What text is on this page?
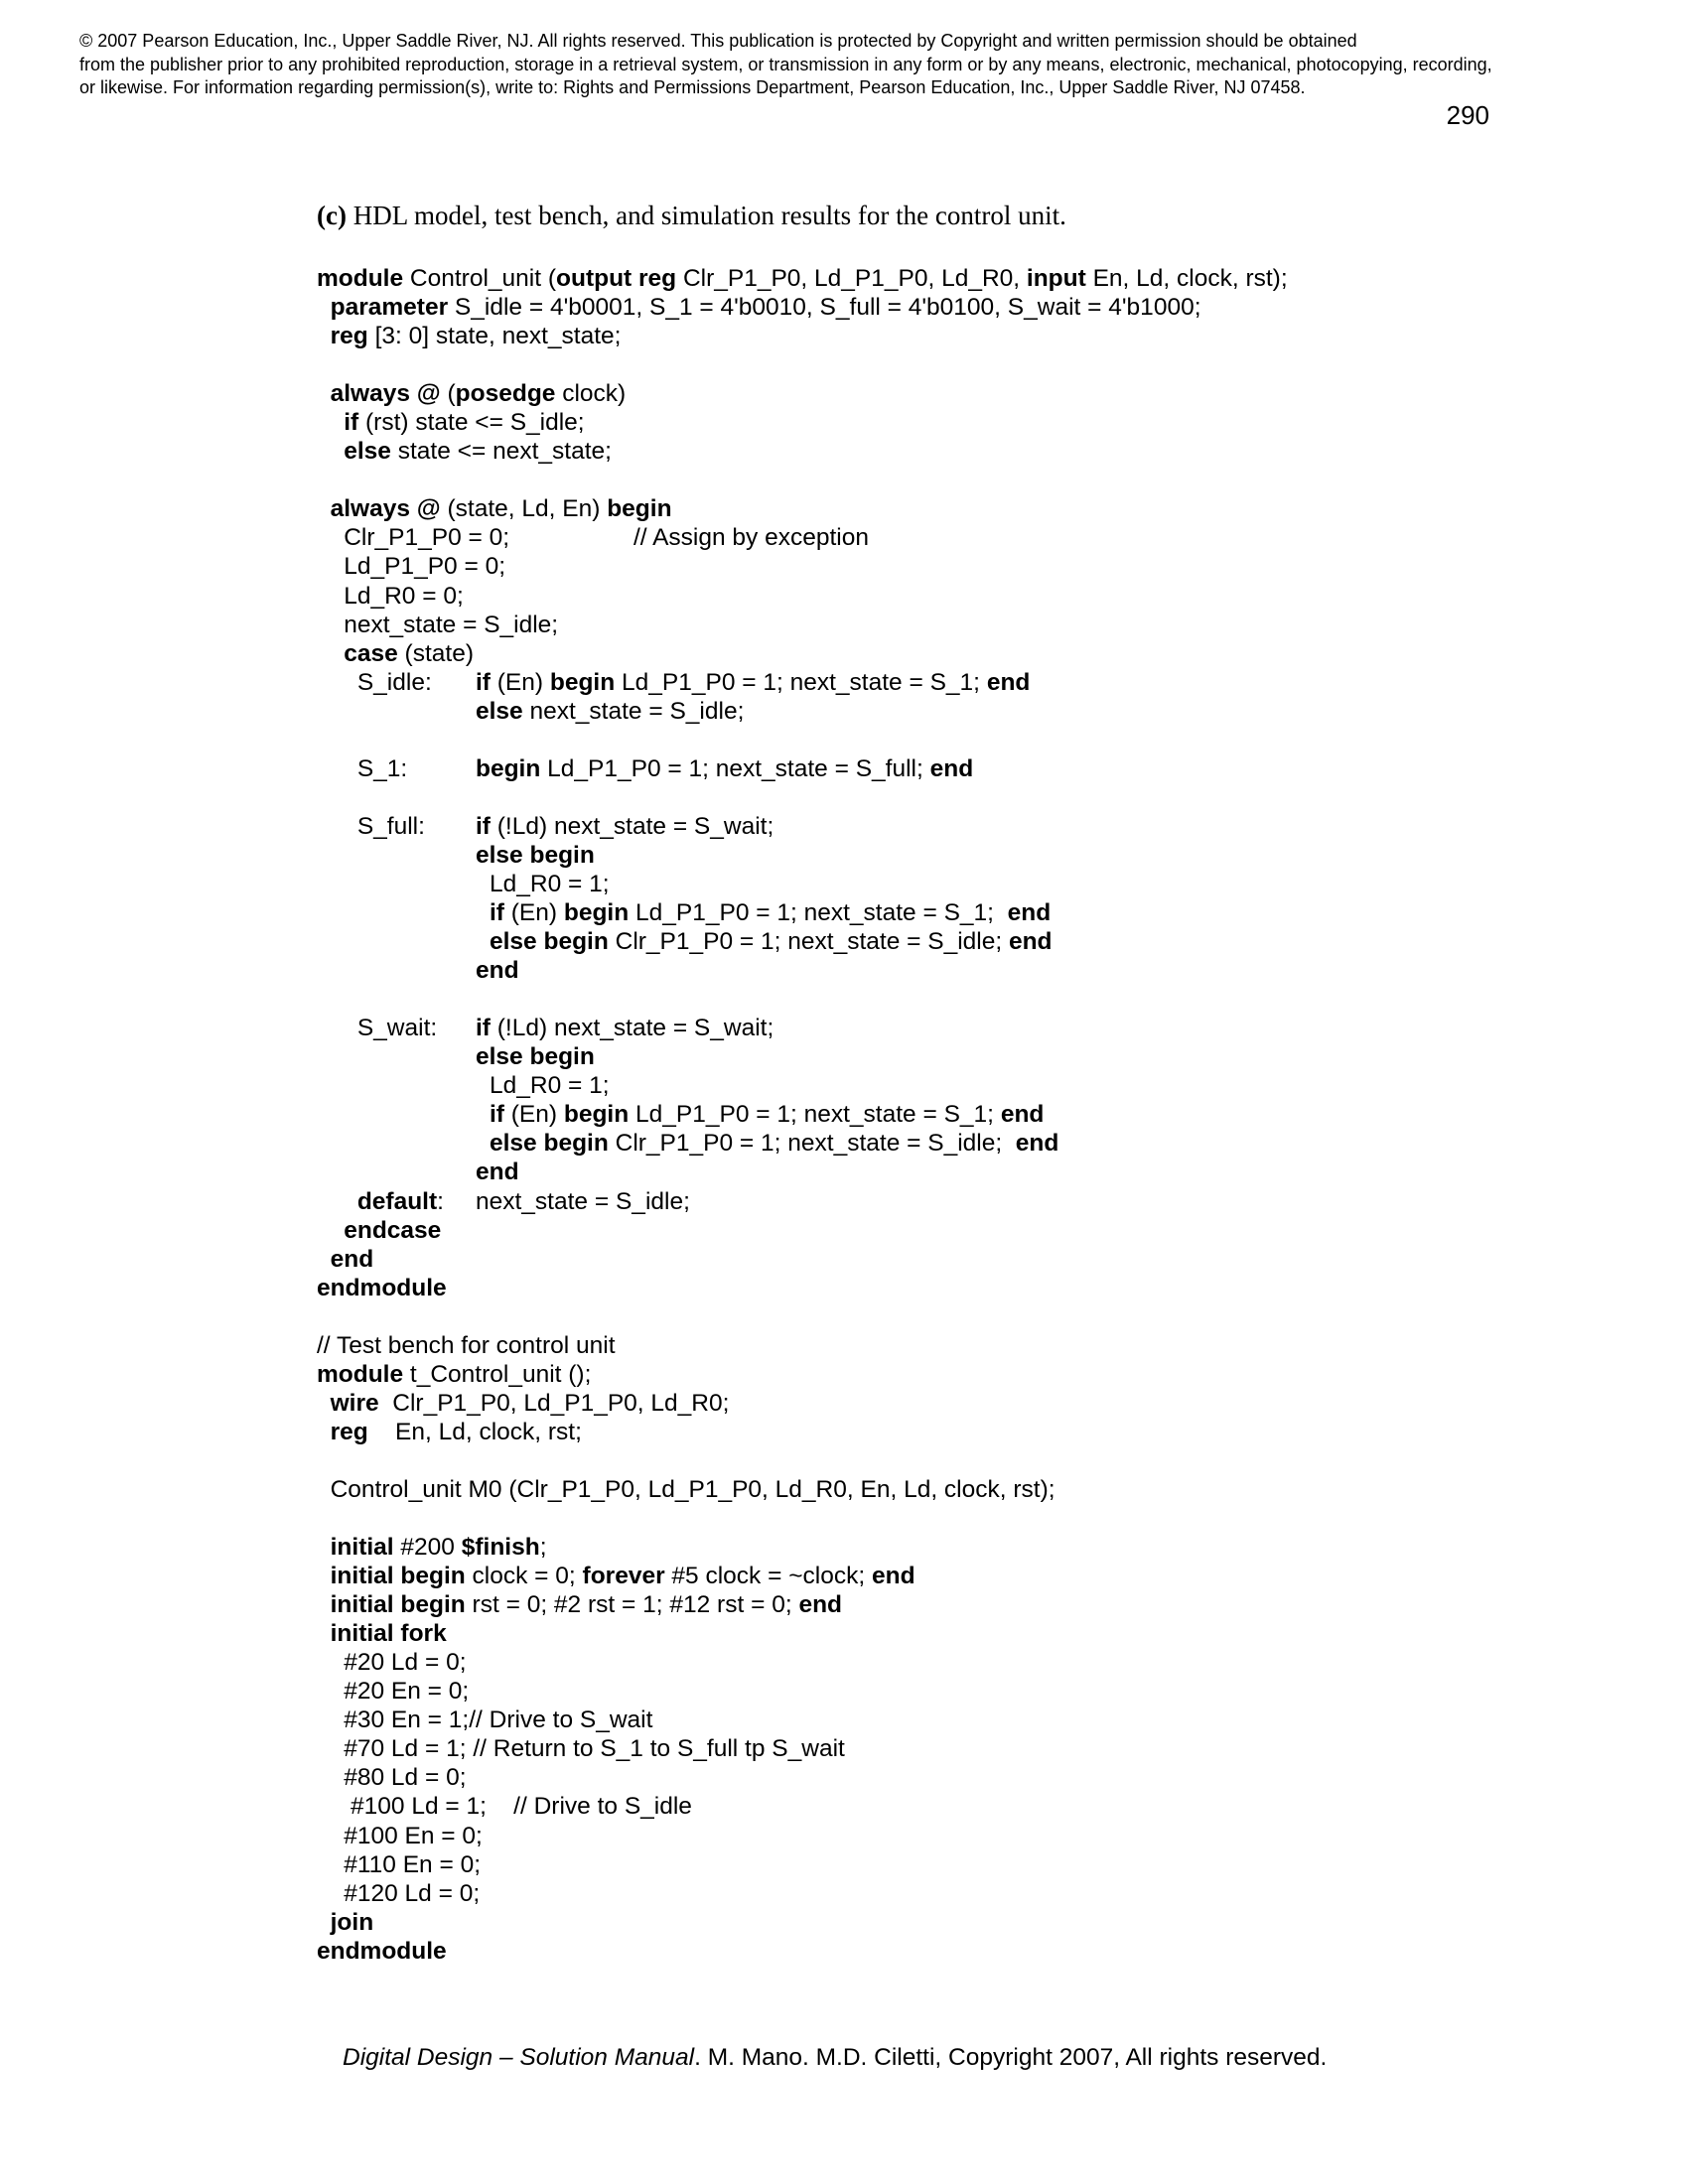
© 2007 Pearson Education, Inc., Upper Saddle River, NJ. All rights reserved. This publication is protected by Copyright and written permission should be obtained
from the publisher prior to any prohibited reproduction, storage in a retrieval system, or transmission in any form or by any means, electronic, mechanical, photocopying, recording,
or likewise. For information regarding permission(s), write to: Rights and Permissions Department, Pearson Education, Inc., Upper Saddle River, NJ 07458.
290
(c) HDL model, test bench, and simulation results for the control unit.
module Control_unit ( output reg Clr_P1_P0, Ld_P1_P0, Ld_R0, input En, Ld, clock, rst);

parameter S_idle = 4'b0001, S_1 = 4'b0010, S_full = 4'b0100, S_wait = 4'b1000;

reg [3: 0] state, next_state;

always @ ( posedge clock)

if (rst) state <= S_idle;

else state <= next_state;

always @ (state, Ld, En) begin
Clr_P1_P0 = 0;	// Assign by exception
Ld_P1_P0 = 0;
Ld_R0 = 0;
next_state = S_idle;

case (state)
S_idle: if (En) begin Ld_P1_P0 = 1; next_state = S_1; end
else next_state = S_idle;
S_1:	begin Ld_P1_P0 = 1; next_state = S_full; end
S_full: if (!Ld) next_state = S_wait;
else begin
Ld_R0 = 1;
if (En) begin Ld_P1_P0 = 1; next_state = S_1; end
else begin Clr_P1_P0 = 1; next_state = S_idle; end
end
S_wait: if (!Ld) next_state = S_wait;
else begin
Ld_R0 = 1;
if (En) begin Ld_P1_P0 = 1; next_state = S_1; end
else begin Clr_P1_P0 = 1; next_state = S_idle; end
end

default : next_state = S_idle;

endcase

end
endmodule
// Test bench for control unit
module t_Control_unit ();

wire Clr_P1_P0, Ld_P1_P0, Ld_R0;

reg En, Ld, clock, rst;
Control_unit M0 (Clr_P1_P0, Ld_P1_P0, Ld_R0, En, Ld, clock, rst);

initial #200 $finish ;

initial begin clock = 0; forever #5 clock = ~clock; end

initial begin rst = 0; #2 rst = 1; #12 rst = 0; end

initial fork
#20 Ld = 0;
#20 En = 0;
#30 En = 1;// Drive to S_wait
#70 Ld = 1; // Return to S_1 to S_full tp S_wait
#80 Ld = 0;
#100 Ld = 1;    // Drive to S_idle
#100 En = 0;
#110 En = 0;
#120 Ld = 0;

join
endmodule
Digital Design – Solution Manual. M. Mano. M.D. Ciletti, Copyright 2007, All rights reserved.
